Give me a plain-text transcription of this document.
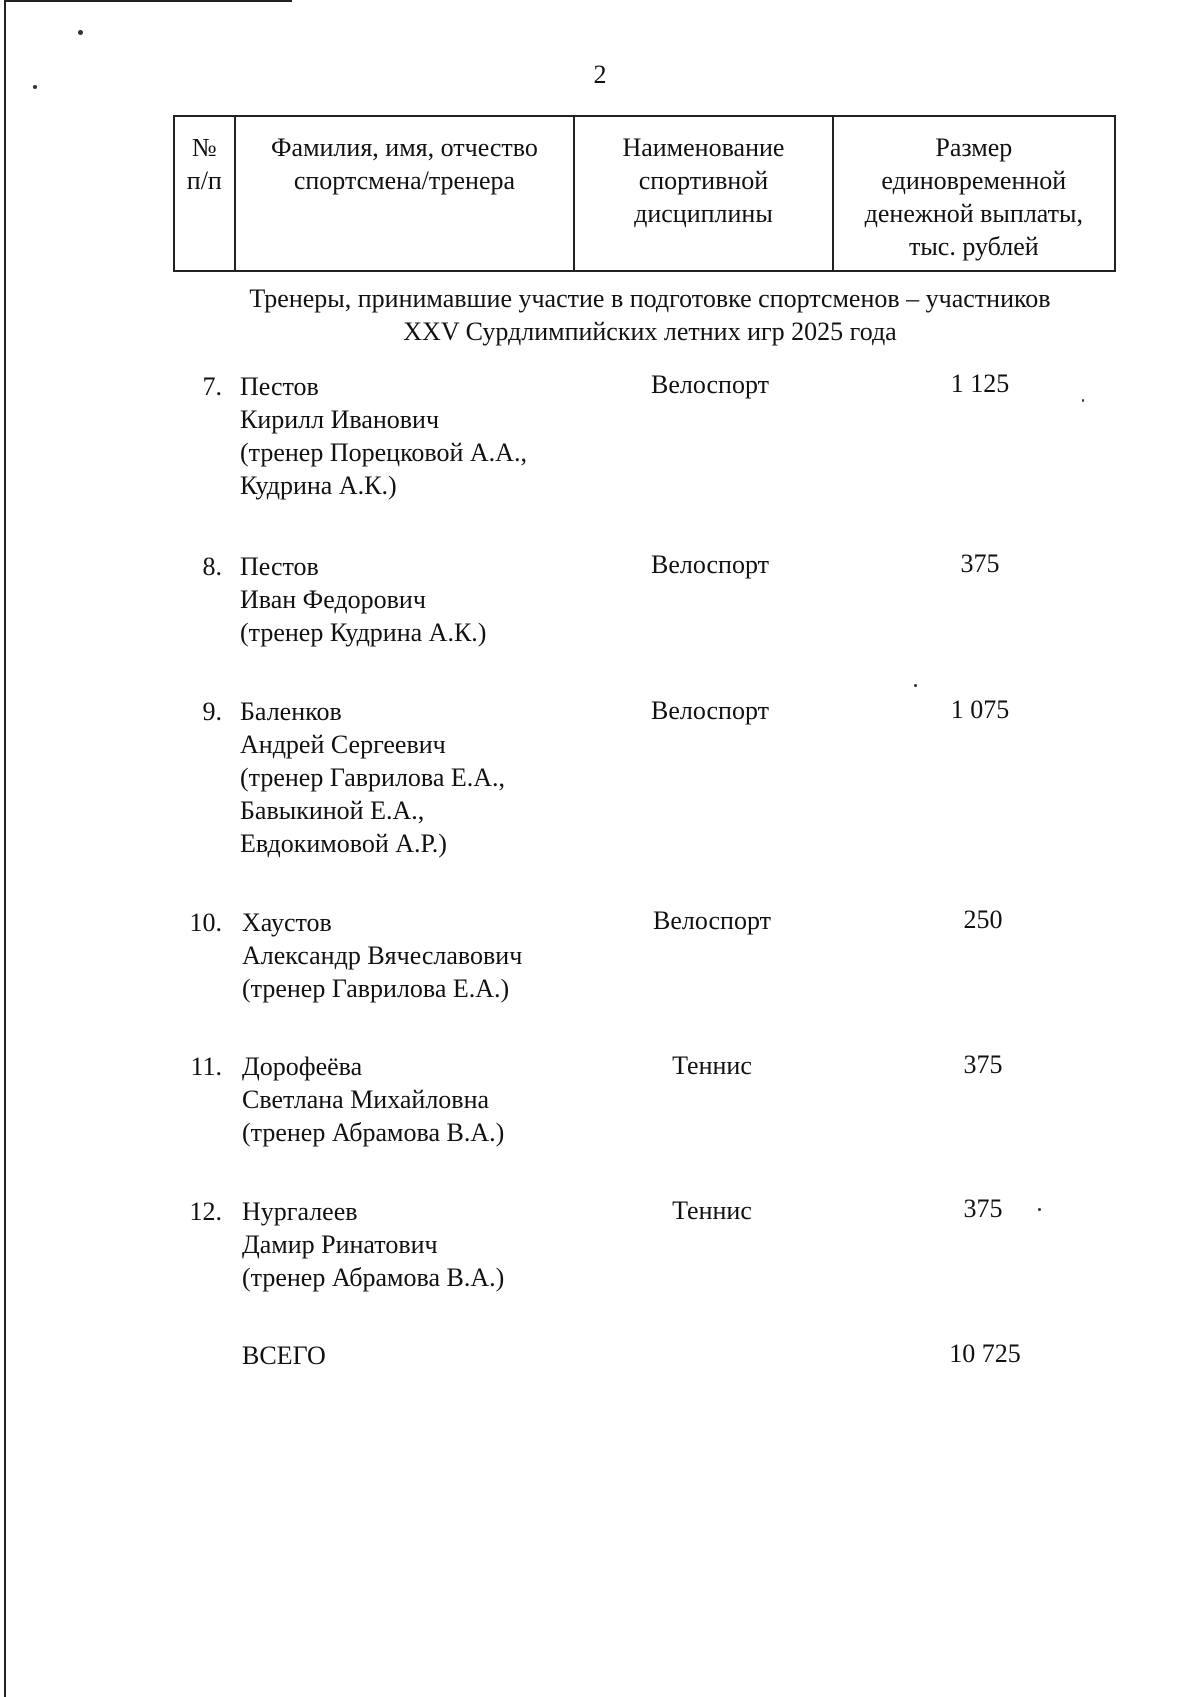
2
№
п/п

Фамилия, имя, отчество
спортсмена/тренера

Наименование
спортивной
дисциплины

Размер
единовременной
денежной выплаты,
тыс. рублей
Тренеры, принимавшие участие в подготовке спортсменов – участников
XXV Сурдлимпийских летних игр 2025 года
7. Пестов
Кирилл Иванович
(тренер Порецковой А.А.,
Кудрина А.К.)
Велоспорт	1 125
8. Пестов
Иван Федорович
(тренер Кудрина А.К.)
Велоспорт	375
9. Баленков
Андрей Сергеевич
(тренер Гаврилова Е.А.,
Бавыкиной Е.А.,
Евдокимовой А.Р.)
Велоспорт	1 075
10. Хаустов
Александр Вячеславович
(тренер Гаврилова Е.А.)
Велоспорт	250
11. Дорофеёва
Светлана Михайловна
(тренер Абрамова В.А.)
Теннис	375
12. Нургалеев
Дамир Ринатович
(тренер Абрамова В.А.)
Теннис	375
ВСЕГО	10 725
